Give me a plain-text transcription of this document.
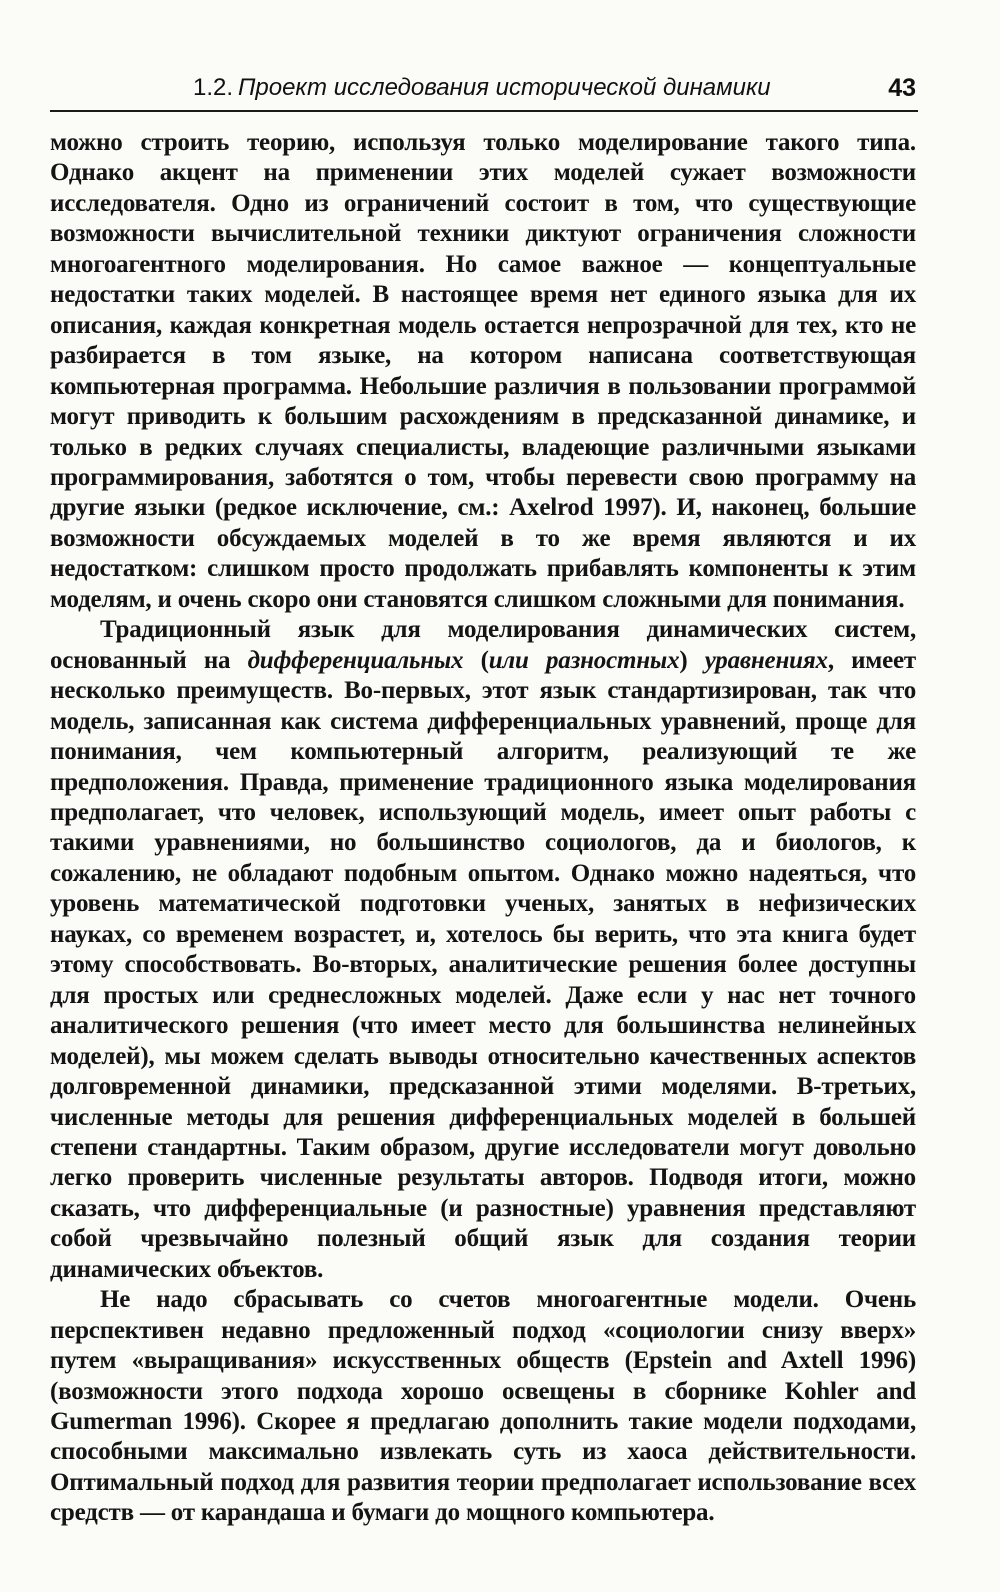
1.2. Проект исследования исторической динамики	43

можно строить теорию, используя только моделирование такого типа. Однако акцент на применении этих моделей сужает возможности исследователя. Одно из ограничений состоит в том, что существующие возможности вычислительной техники диктуют ограничения сложности многоагентного моделирования. Но самое важное — концептуальные недостатки таких моделей. В настоящее время нет единого языка для их описания, каждая конкретная модель остается непрозрачной для тех, кто не разбирается в том языке, на котором написана соответствующая компьютерная программа. Небольшие различия в пользовании программой могут приводить к большим расхождениям в предсказанной динамике, и только в редких случаях специалисты, владеющие различными языками программирования, заботятся о том, чтобы перевести свою программу на другие языки (редкое исключение, см.: Axelrod 1997). И, наконец, большие возможности обсуждаемых моделей в то же время являются и их недостатком: слишком просто продолжать прибавлять компоненты к этим моделям, и очень скоро они становятся слишком сложными для понимания.

Традиционный язык для моделирования динамических систем, основанный на дифференциальных (или разностных) уравнениях, имеет несколько преимуществ. Во-первых, этот язык стандартизирован, так что модель, записанная как система дифференциальных уравнений, проще для понимания, чем компьютерный алгоритм, реализующий те же предположения. Правда, применение традиционного языка моделирования предполагает, что человек, использующий модель, имеет опыт работы с такими уравнениями, но большинство социологов, да и биологов, к сожалению, не обладают подобным опытом. Однако можно надеяться, что уровень математической подготовки ученых, занятых в нефизических науках, со временем возрастет, и, хотелось бы верить, что эта книга будет этому способствовать. Во-вторых, аналитические решения более доступны для простых или среднесложных моделей. Даже если у нас нет точного аналитического решения (что имеет место для большинства нелинейных моделей), мы можем сделать выводы относительно качественных аспектов долговременной динамики, предсказанной этими моделями. В-третьих, численные методы для решения дифференциальных моделей в большей степени стандартны. Таким образом, другие исследователи могут довольно легко проверить численные результаты авторов. Подводя итоги, можно сказать, что дифференциальные (и разностные) уравнения представляют собой чрезвычайно полезный общий язык для создания теории динамических объектов.

Не надо сбрасывать со счетов многоагентные модели. Очень перспективен недавно предложенный подход «социологии снизу вверх» путем «выращивания» искусственных обществ (Epstein and Axtell 1996) (возможности этого подхода хорошо освещены в сборнике Kohler and Gumerman 1996). Скорее я предлагаю дополнить такие модели подходами, способными максимально извлекать суть из хаоса действительности. Оптимальный подход для развития теории предполагает использование всех средств — от карандаша и бумаги до мощного компьютера.
